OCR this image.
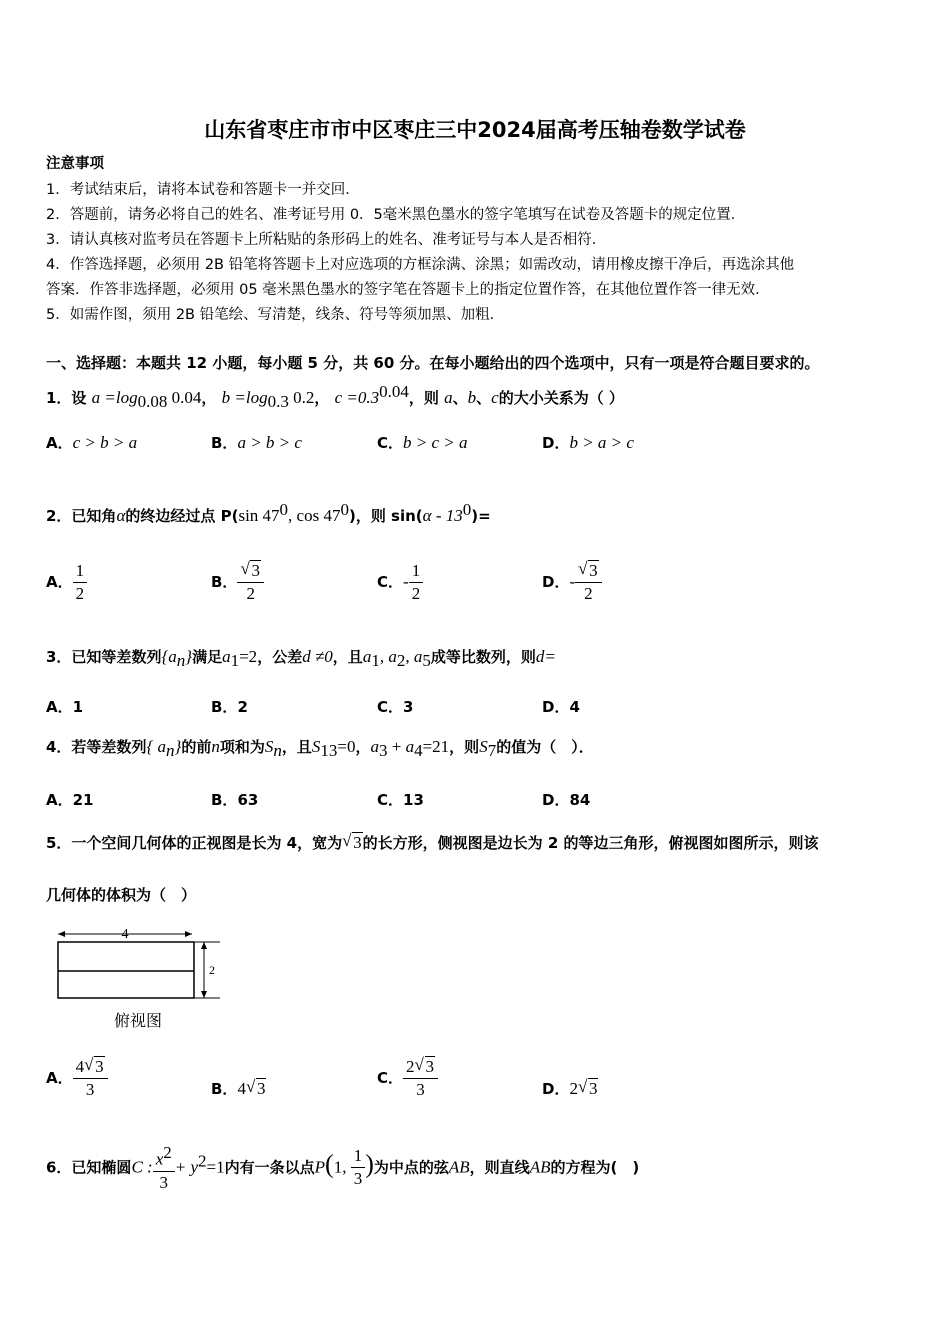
山东省枣庄市市中区枣庄三中2024届高考压轴卷数学试卷
注意事项
1．考试结束后，请将本试卷和答题卡一并交回．
2．答题前，请务必将自己的姓名、准考证号用 0．5毫米黑色墨水的签字笔填写在试卷及答题卡的规定位置．
3．请认真核对监考员在答题卡上所粘贴的条形码上的姓名、准考证号与本人是否相符．
4．作答选择题，必须用 2B 铅笔将答题卡上对应选项的方框涂满、涂黑；如需改动，请用橡皮擦干净后，再选涂其他
答案．作答非选择题，必须用 05 毫米黑色墨水的签字笔在答题卡上的指定位置作答，在其他位置作答一律无效．
5．如需作图，须用 2B 铅笔绘、写清楚，线条、符号等须加黑、加粗．
一、选择题：本题共 12 小题，每小题 5 分，共 60 分。在每小题给出的四个选项中，只有一项是符合题目要求的。
1．设 $a =\log_{0.08}$ 0.04， $b =\log_{0.3}$ 0.2， $c =0.3^{0.04}$，则 a、b、c的大小关系为（ ）
A．c > b > a	B．a > b > c	C．b > c > a	D．b > a > c
2．已知角α的终边经过点 P(sin $47^0$, $\cos 47^0$)，则 $\sin(\alpha - 13^0)=$
A． $\frac{1}{2}$	B． √ $\frac{3}{2}$	C．- $\frac{1}{2}$	D．- √ $\frac{3}{2}$
3．已知等差数列$\{a_n\}$满足$a_1=2$，公差d ≠0，且$a_1$, $a_2$, $a_5$成等比数列，则d=
A．1	B．2	C．3	D．4
4．若等差数列{ $a_n$}的前n项和为$S_n$，且$S_{13}=0$，$a_3 + a_4=21$，则$S_7$的值为（　）．
A．21	B．63	C．13	D．84
5．一个空间几何体的正视图是长为 4，宽为 √ 3的长方形，侧视图是边长为 2 的等边三角形，俯视图如图所示，则该
几何体的体积为（　）
4
2
俯视图
A． $\frac{4 √ 3}{3}$	B．4 √ 3
C． $\frac{2 √ 3}{3}$	D．2 √ 3
6．已知椭圆C : $\frac{x^2}{3} + y^2=1$内有一条以点P(1, $\frac{1}{3}$ )为中点的弦AB，则直线AB的方程为(　)
